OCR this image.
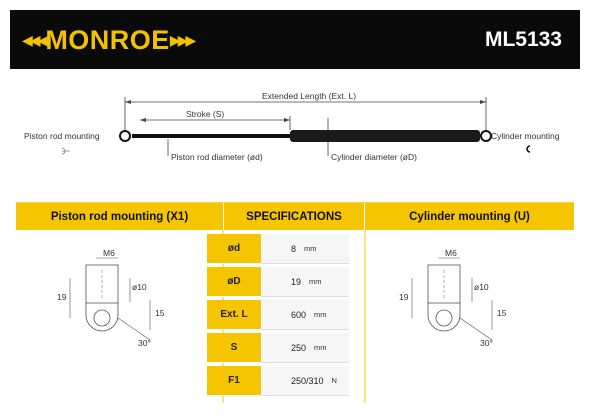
◀◀◀ MONROE ▶▶▶	ML5133
Extended Length (Ext. L)
Stroke (S)
Piston rod mounting	Cylinder mounting
Piston rod diameter (ød)	Cylinder diameter (øD)
Piston rod mounting (X1)	SPECIFICATIONS	Cylinder mounting (U)
ød	8 mm
øD	19 mm
Ext. L	600 mm
S	250 mm
F1	250/310 N
M6
19
ø10
30°
15
M6
19
ø10
30°
15
